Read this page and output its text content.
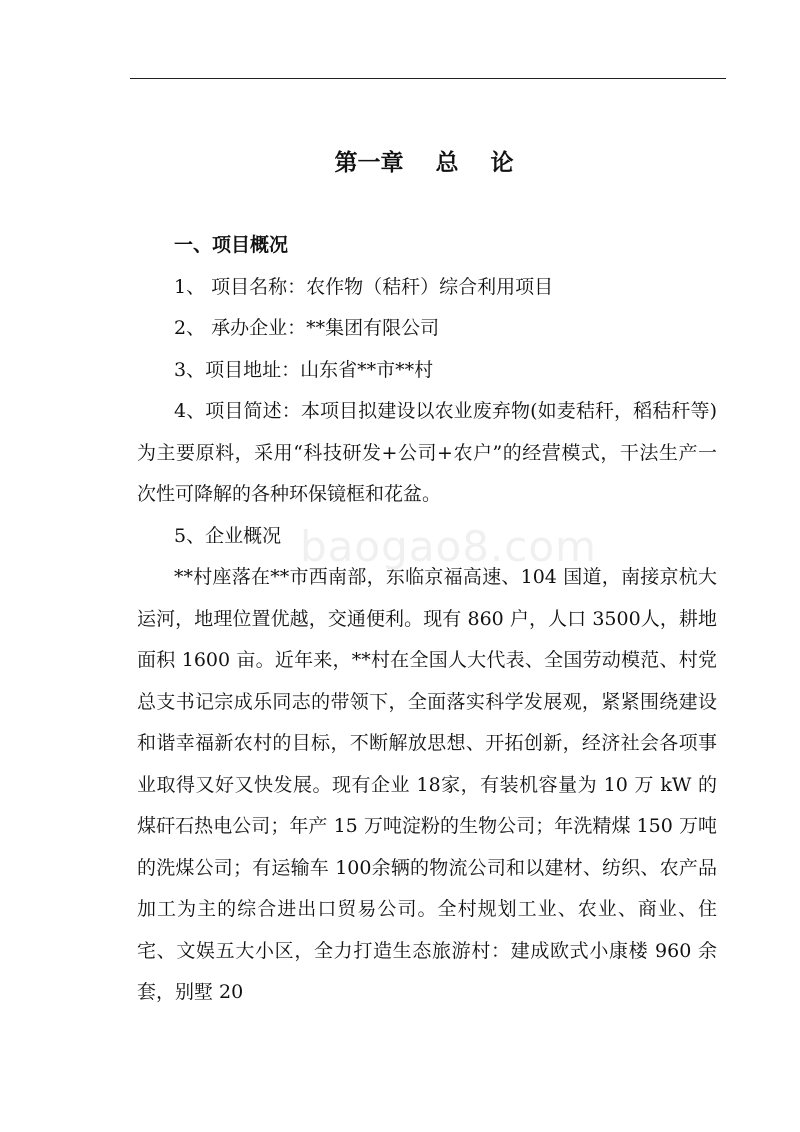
第一章    总    论

一、项目概况

1、 项目名称：农作物（秸秆）综合利用项目

2、 承办企业：**集团有限公司

3、项目地址：山东省**市**村

4、项目简述：本项目拟建设以农业废弃物(如麦秸秆，稻秸秆等)为主要原料，采用“科技研发+公司+农户”的经营模式，干法生产一次性可降解的各种环保镜框和花盆。

5、企业概况

**村座落在**市西南部，东临京福高速、104 国道，南接京杭大运河，地理位置优越，交通便利。现有 860 户，人口 3500人，耕地面积 1600 亩。近年来，**村在全国人大代表、全国劳动模范、村党总支书记宗成乐同志的带领下，全面落实科学发展观，紧紧围绕建设和谐幸福新农村的目标，不断解放思想、开拓创新，经济社会各项事业取得又好又快发展。现有企业 18家，有装机容量为 10 万 kW 的煤矸石热电公司；年产 15 万吨淀粉的生物公司；年洗精煤 150 万吨的洗煤公司；有运输车 100余辆的物流公司和以建材、纺织、农产品加工为主的综合进出口贸易公司。全村规划工业、农业、商业、住宅、文娱五大小区，全力打造生态旅游村：建成欧式小康楼 960 余套，别墅 20

baogao8.com
